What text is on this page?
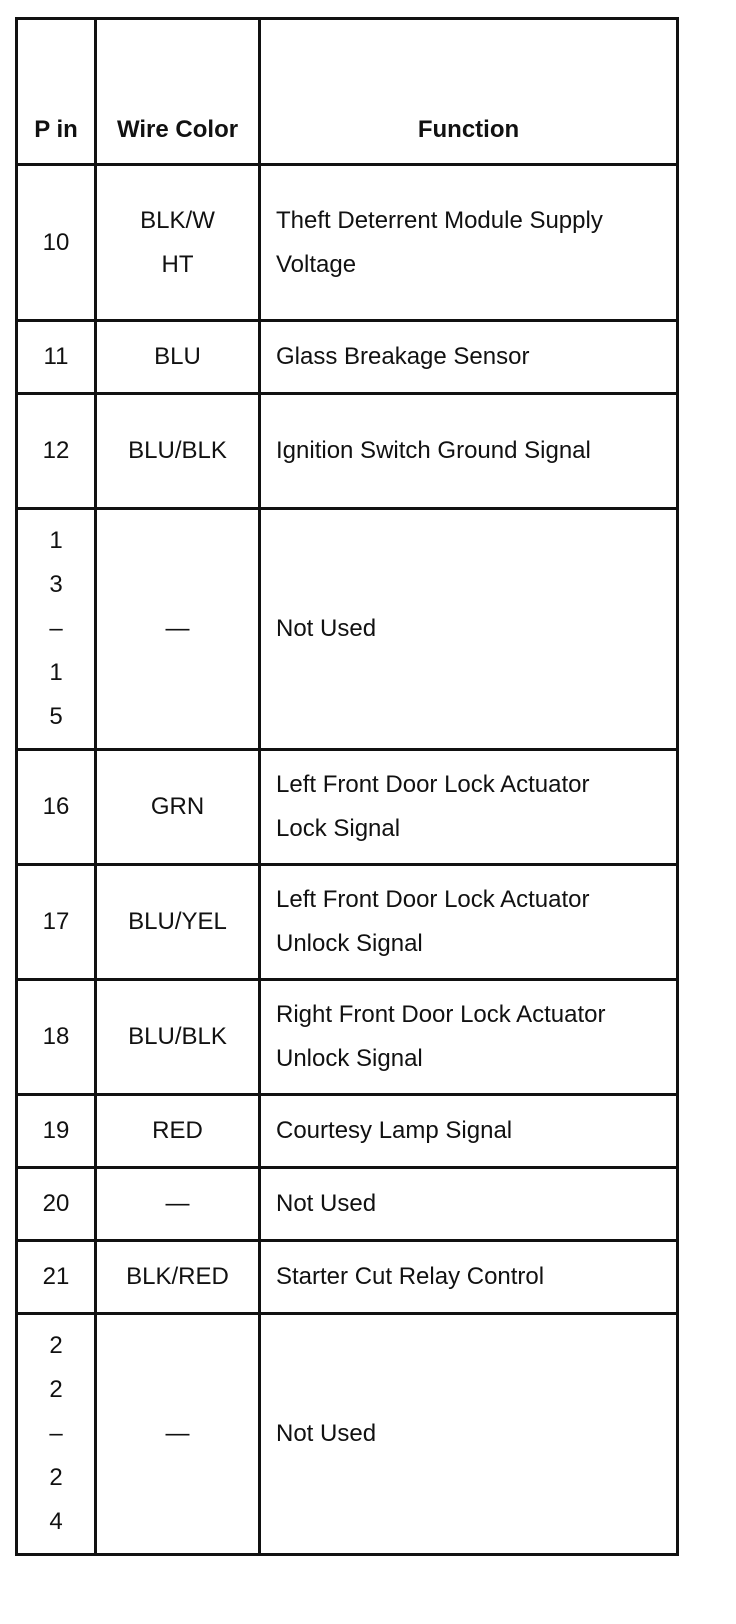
P in	Wire Color	Function
10	BLK/W HT	Theft Deterrent Module Supply Voltage
11	BLU	Glass Breakage Sensor
12	BLU/BLK	Ignition Switch Ground Signal
1 3 – 15	—	Not Used
16	GRN	Left Front Door Lock Actuator Lock Signal
17	BLU/YEL	Left Front Door Lock Actuator Unlock Signal
18	BLU/BLK	Right Front Door Lock Actuator Unlock Signal
19	RED	Courtesy Lamp Signal
20	—	Not Used
21	BLK/RED	Starter Cut Relay Control
2 2 – 24	—	Not Used
